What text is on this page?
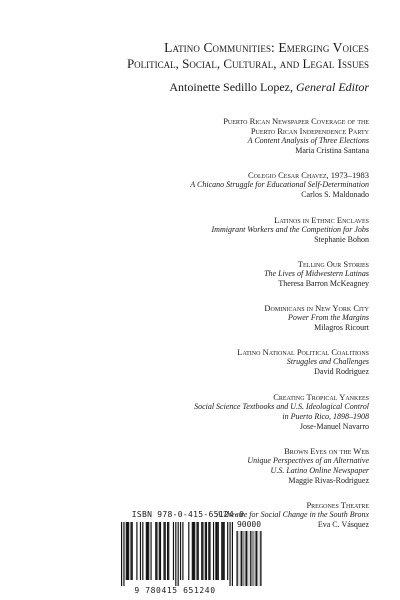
Latino Communities: Emerging Voices
Political, Social, Cultural, and Legal Issues
Antoinette Sedillo Lopez, General Editor
Puerto Rican Newspaper Coverage of the
Puerto Rican Independence Party
A Content Analysis of Three Elections
Maria Cristina Santana
Colegio Cesar Chavez, 1973–1983
A Chicano Struggle for Educational Self-Determination
Carlos S. Maldonado
Latinos in Ethnic Enclaves
Immigrant Workers and the Competition for Jobs
Stephanie Bohon
Telling Our Stories
The Lives of Midwestern Latinas
Theresa Barron McKeagney
Dominicans in New York City
Power From the Margins
Milagros Ricourt
Latino National Political Coalitions
Struggles and Challenges
David Rodriguez
Creating Tropical Yankees
Social Science Textbooks and U.S. Ideological Control
in Puerto Rico, 1898–1908
Jose-Manuel Navarro
Brown Eyes on the Web
Unique Perspectives of an Alternative
U.S. Latino Online Newspaper
Maggie Rivas-Rodriguez
Pregones Theatre
A Theatre for Social Change in the South Bronx
Eva C. Vásquez
ISBN 978-0-415-65124-0
90000
9 780415 651240
